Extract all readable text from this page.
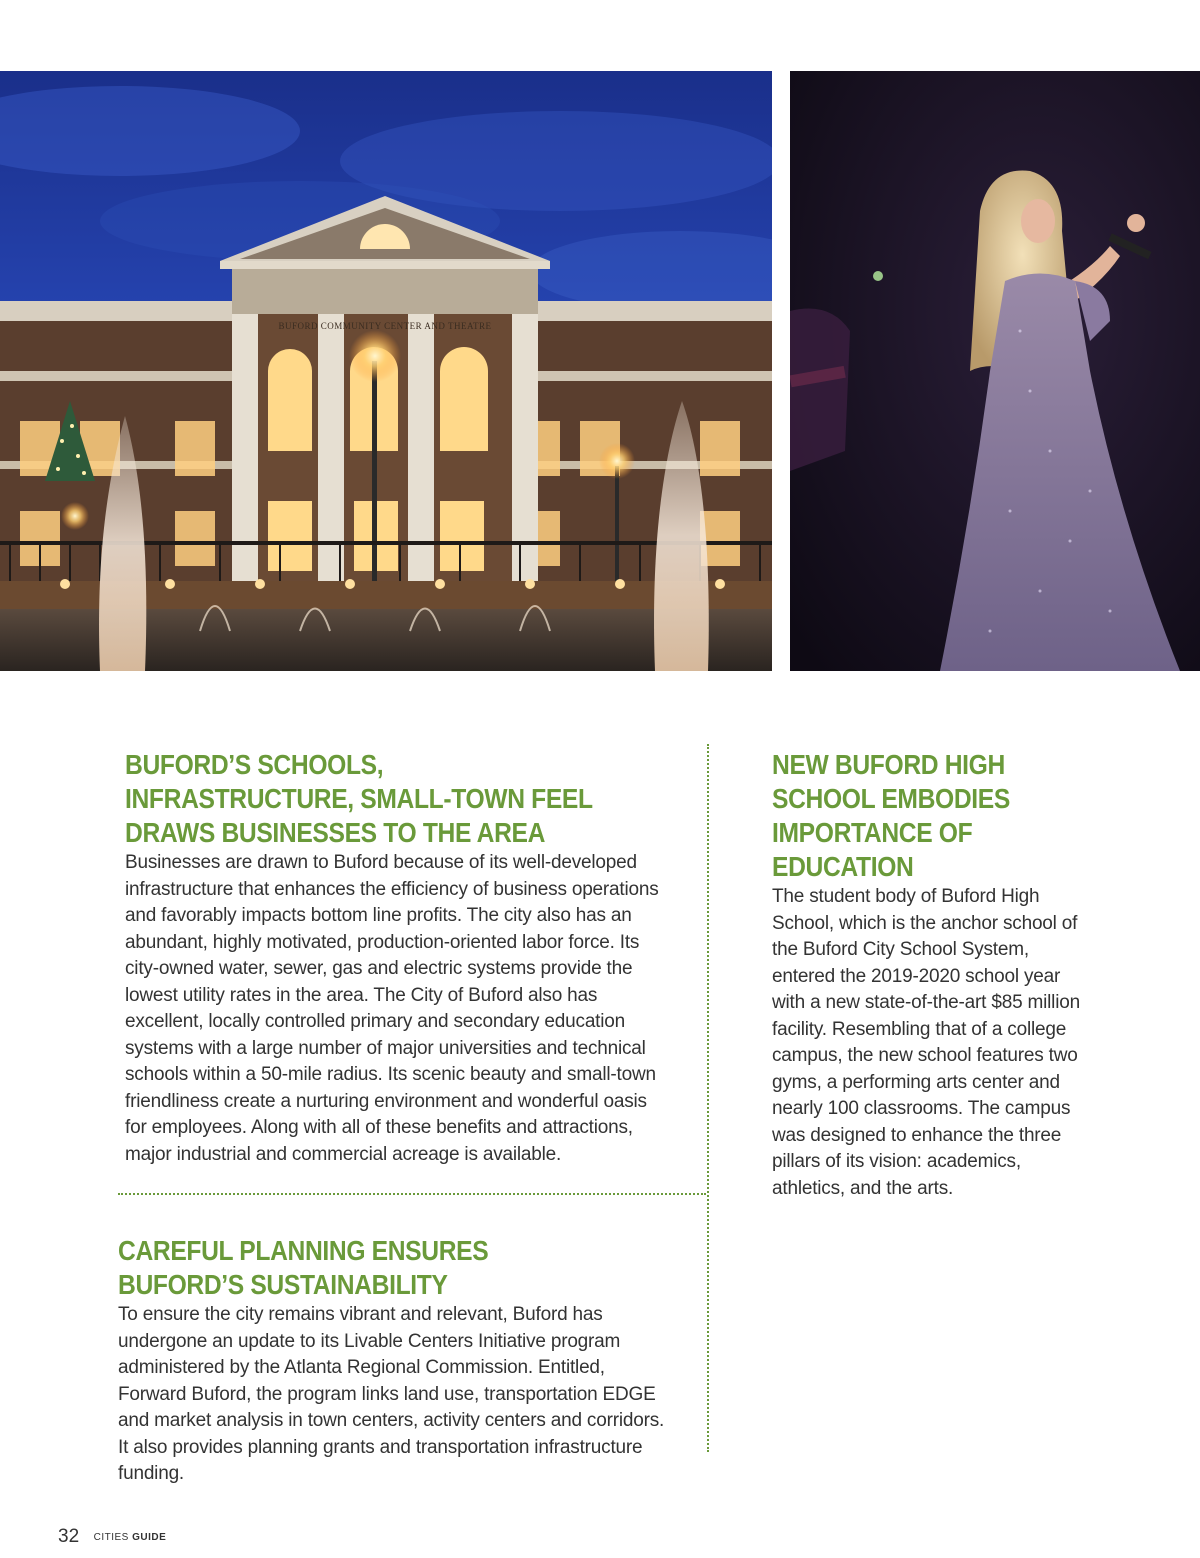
BUFORD COMMUNITY CENTER AND THEATRE
BUFORD’S SCHOOLS, INFRASTRUCTURE, SMALL-TOWN FEEL DRAWS BUSINESSES TO THE AREA

Businesses are drawn to Buford because of its well-developed infrastructure that enhances the efficiency of business operations and favorably impacts bottom line profits. The city also has an abundant, highly motivated, production-oriented labor force. Its city-owned water, sewer, gas and electric systems provide the lowest utility rates in the area. The City of Buford also has excellent, locally controlled primary and secondary education systems with a large number of major universities and technical schools within a 50-mile radius. Its scenic beauty and small-town friendliness create a nurturing environment and wonderful oasis for employees. Along with all of these benefits and attractions, major industrial and commercial acreage is available.

NEW BUFORD HIGH SCHOOL EMBODIES IMPORTANCE OF EDUCATION

The student body of Buford High School, which is the anchor school of the Buford City School System, entered the 2019-2020 school year with a new state-of-the-art $85 million facility. Resembling that of a college campus, the new school features two gyms, a performing arts center and nearly 100 classrooms. The campus was designed to enhance the three pillars of its vision: academics, athletics, and the arts.

CAREFUL PLANNING ENSURES BUFORD’S SUSTAINABILITY

To ensure the city remains vibrant and relevant, Buford has undergone an update to its Livable Centers Initiative program administered by the Atlanta Regional Commission. Entitled, Forward Buford, the program links land use, transportation EDGE and market analysis in town centers, activity centers and corridors. It also provides planning grants and transportation infrastructure funding.

32 CITIES GUIDE
